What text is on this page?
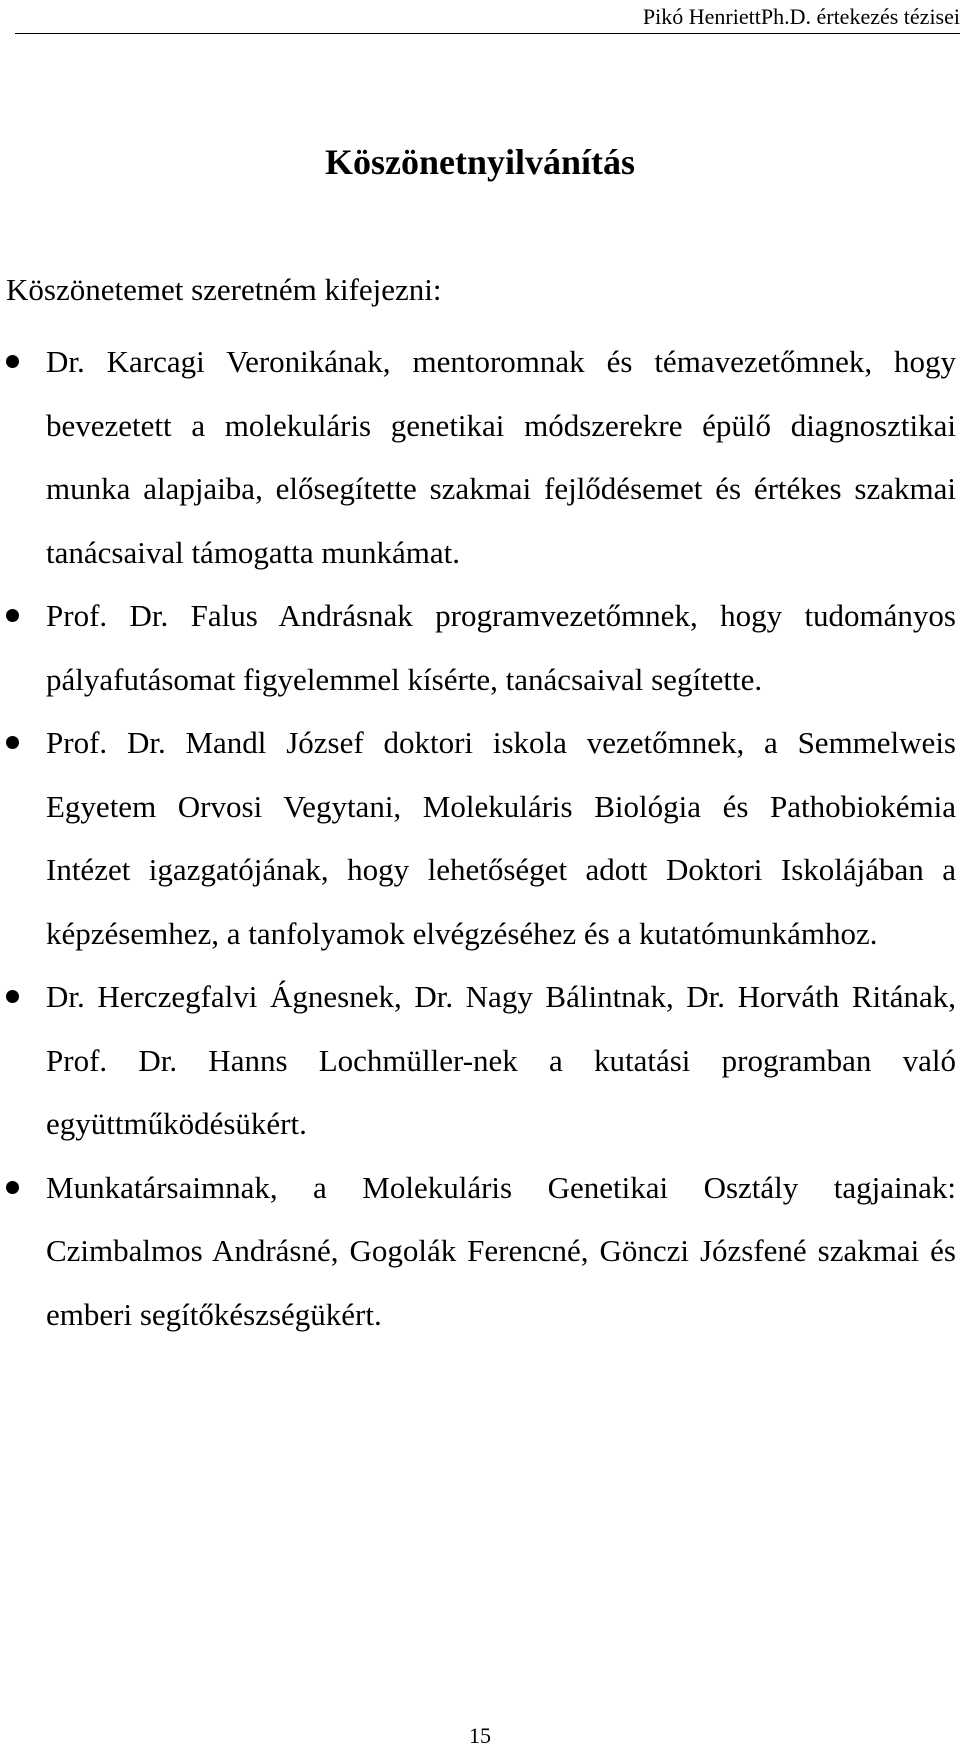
Pikó HenriettPh.D. értekezés tézisei
Köszönetnyilvánítás

Köszönetemet szeretném kifejezni:

Dr. Karcagi Veronikának, mentoromnak és témavezetőmnek, hogy bevezetett a molekuláris genetikai módszerekre épülő diagnosztikai munka alapjaiba, elősegítette szakmai fejlődésemet és értékes szakmai tanácsaival támogatta munkámat.
Prof. Dr. Falus Andrásnak programvezetőmnek, hogy tudományos pályafutásomat figyelemmel kísérte, tanácsaival segítette.
Prof. Dr. Mandl József doktori iskola vezetőmnek, a Semmelweis Egyetem Orvosi Vegytani, Molekuláris Biológia és Pathobiokémia Intézet igazgatójának, hogy lehetőséget adott Doktori Iskolájában a képzésemhez, a tanfolyamok elvégzéséhez és a kutatómunkámhoz.
Dr. Herczegfalvi Ágnesnek, Dr. Nagy Bálintnak, Dr. Horváth Ritának, Prof. Dr. Hanns Lochmüller-nek a kutatási programban való együttműködésükért.
Munkatársaimnak, a Molekuláris Genetikai Osztály tagjainak: Czimbalmos Andrásné, Gogolák Ferencné, Gönczi Józsfené szakmai és emberi segítőkészségükért.
15
